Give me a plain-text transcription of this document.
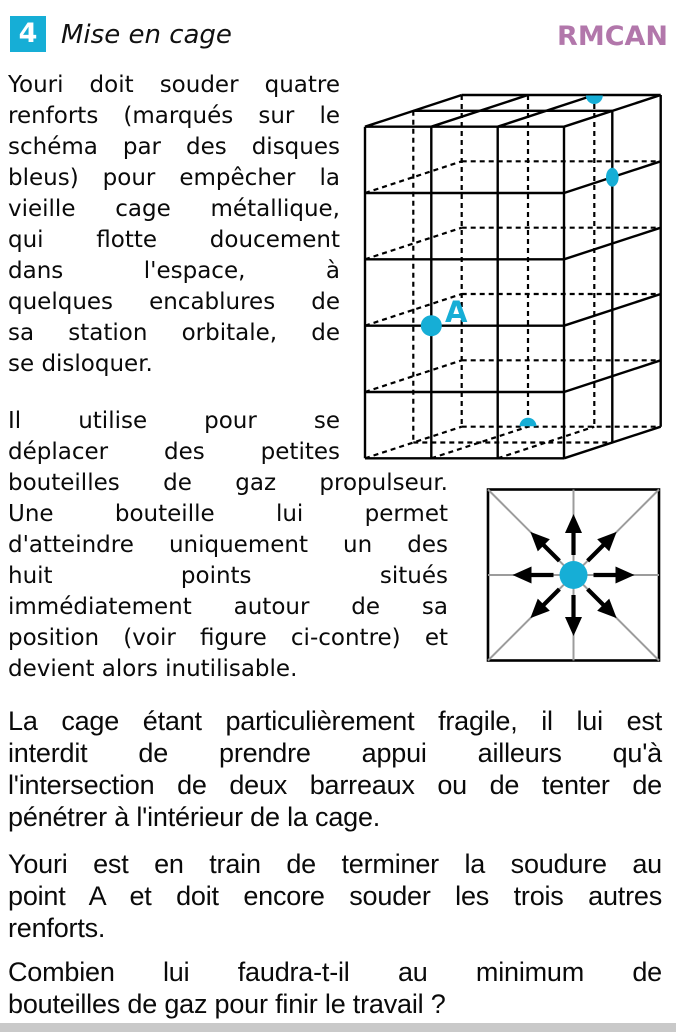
4 Mise en cage	RMCAN
Youri doit souder quatre
renforts (marqués sur le
schéma par des disques
bleus) pour empêcher la
vieille cage métallique,
qui flotte doucement
dans l'espace, à
quelques encablures de
sa station orbitale, de
se disloquer.
Il utilise pour se
déplacer des petites
bouteilles de gaz propulseur.
Une bouteille lui permet
d'atteindre uniquement un des
huit points situés
immédiatement autour de sa
position (voir figure ci-contre) et
devient alors inutilisable.
La cage étant particulièrement fragile, il lui est
interdit de prendre appui ailleurs qu'à
l'intersection de deux barreaux ou de tenter de
pénétrer à l'intérieur de la cage.
Youri est en train de terminer la soudure au
point A et doit encore souder les trois autres
renforts.
Combien lui faudra-t-il au minimum de
bouteilles de gaz pour finir le travail ?
A
